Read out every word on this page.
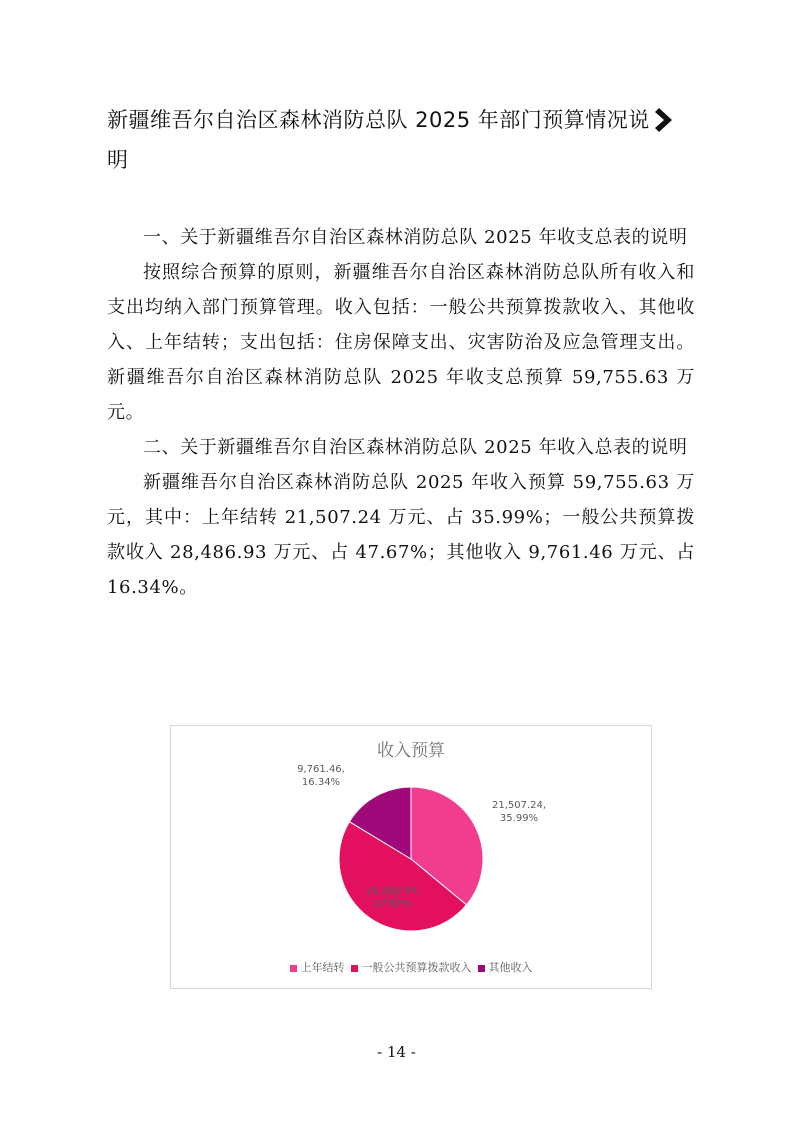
新疆维吾尔自治区森林消防总队 2025 年部门预算情况说明

一、关于新疆维吾尔自治区森林消防总队 2025 年收支总表的说明

按照综合预算的原则，新疆维吾尔自治区森林消防总队所有收入和支出均纳入部门预算管理。收入包括：一般公共预算拨款收入、其他收入、上年结转；支出包括：住房保障支出、灾害防治及应急管理支出。新疆维吾尔自治区森林消防总队 2025 年收支总预算 59,755.63 万元。

二、关于新疆维吾尔自治区森林消防总队 2025 年收入总表的说明

新疆维吾尔自治区森林消防总队 2025 年收入预算 59,755.63 万元，其中：上年结转 21,507.24 万元、占 35.99%；一般公共预算拨款收入 28,486.93 万元、占 47.67%；其他收入 9,761.46 万元、占 16.34%。

收入预算
21,507.24,
35.99%
28,486.93,
47.67%
9,761.46,
16.34%
上年结转 一般公共预算拨款收入 其他收入
- 14 -
